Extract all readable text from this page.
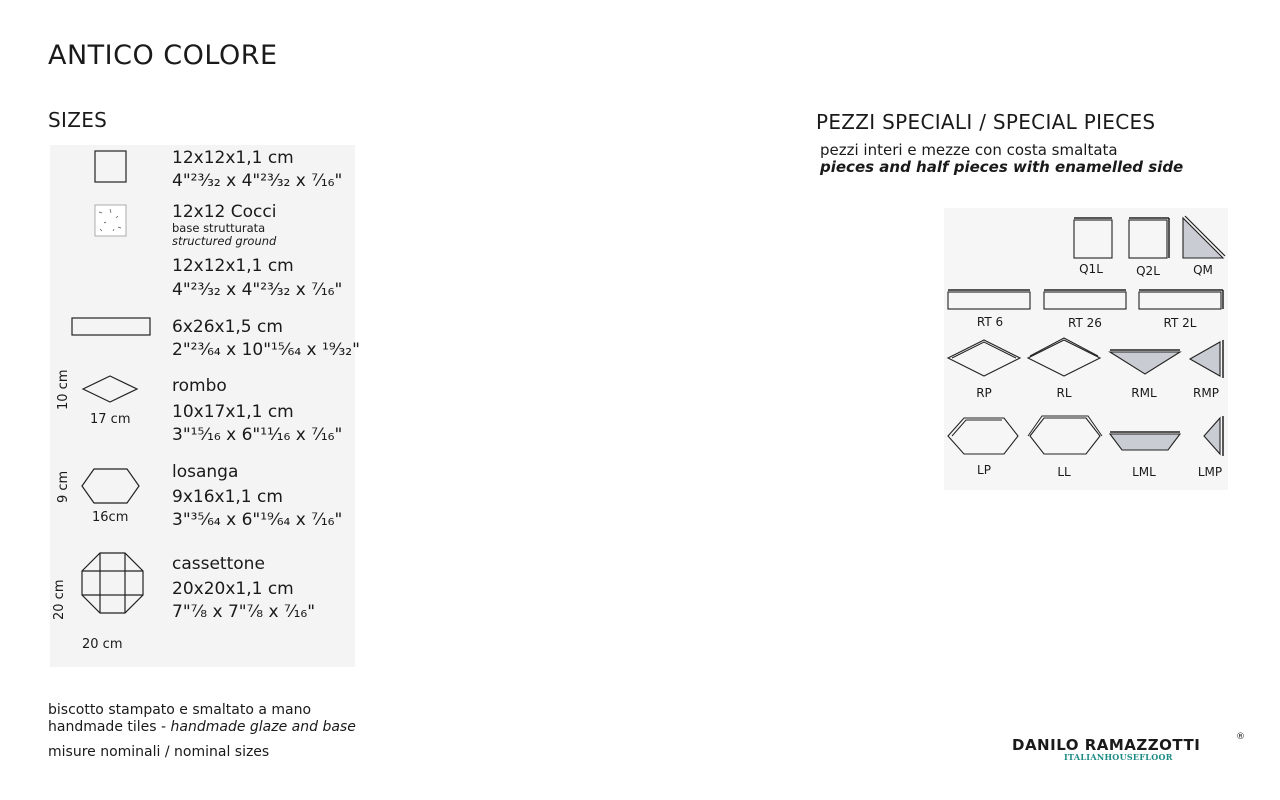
ANTICO COLORE
SIZES	PEZZI SPECIALI / SPECIAL PIECES
pezzi interi e mezze con costa smaltata
pieces and half pieces with enamelled side
12x12x1,1 cm
4"²³⁄₃₂ x 4"²³⁄₃₂ x ⁷⁄₁₆"
12x12 Cocci
base strutturata
structured ground
12x12x1,1 cm
4"²³⁄₃₂ x 4"²³⁄₃₂ x ⁷⁄₁₆"
6x26x1,5 cm
2"²³⁄₆₄ x 10"¹⁵⁄₆₄ x ¹⁹⁄₃₂"
rombo
10x17x1,1 cm
3"¹⁵⁄₁₆ x 6"¹¹⁄₁₆ x ⁷⁄₁₆"
10 cm
17 cm
losanga
9x16x1,1 cm
3"³⁵⁄₆₄ x 6"¹⁹⁄₆₄ x ⁷⁄₁₆"
9 cm
16cm
cassettone
20x20x1,1 cm
7"⁷⁄₈ x 7"⁷⁄₈ x ⁷⁄₁₆"
20 cm
20 cm
Q1L	Q2L	QM
RT 6	RT 26	RT 2L
RP	RL	RML	RMP
LP	LL	LML	LMP
biscotto stampato e smaltato a mano
handmade tiles - handmade glaze and base
misure nominali / nominal sizes	DANILO RAMAZZOTTI
ITALIANHOUSEFLOOR
®
